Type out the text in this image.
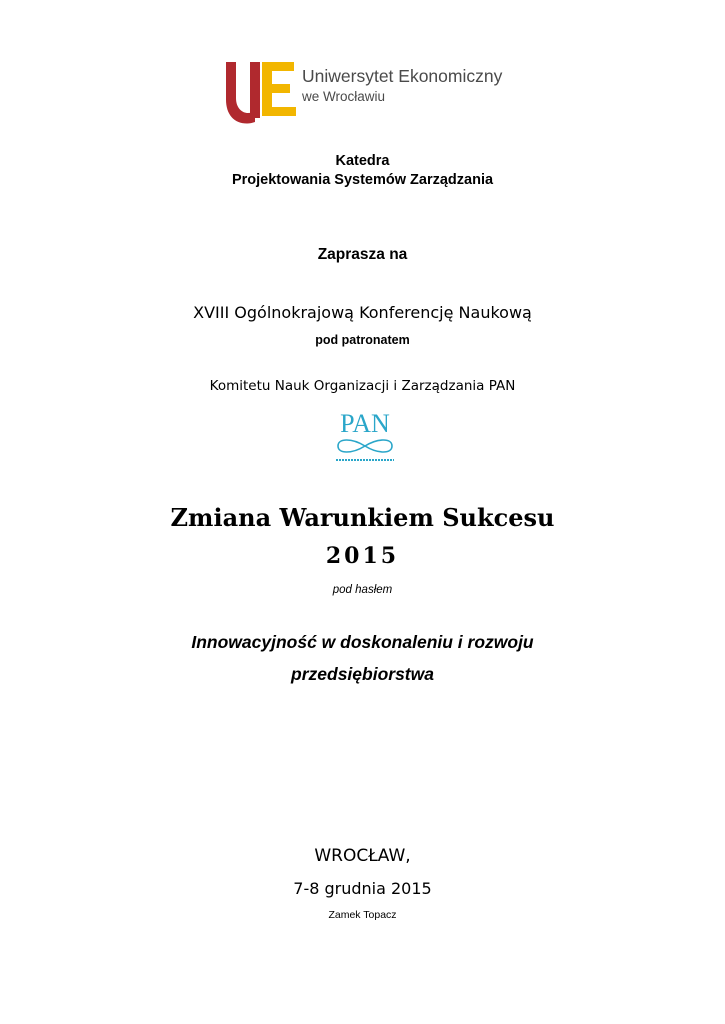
Uniwersytet Ekonomiczny
we Wrocławiu
Katedra
Projektowania Systemów Zarządzania
Zaprasza na
XVIII Ogólnokrajową Konferencję Naukową
pod patronatem
Komitetu Nauk Organizacji i Zarządzania PAN
PAN
Zmiana Warunkiem Sukcesu
2015
pod hasłem
Innowacyjność w doskonaleniu i rozwoju
przedsiębiorstwa
WROCŁAW,
7-8 grudnia 2015
Zamek Topacz
